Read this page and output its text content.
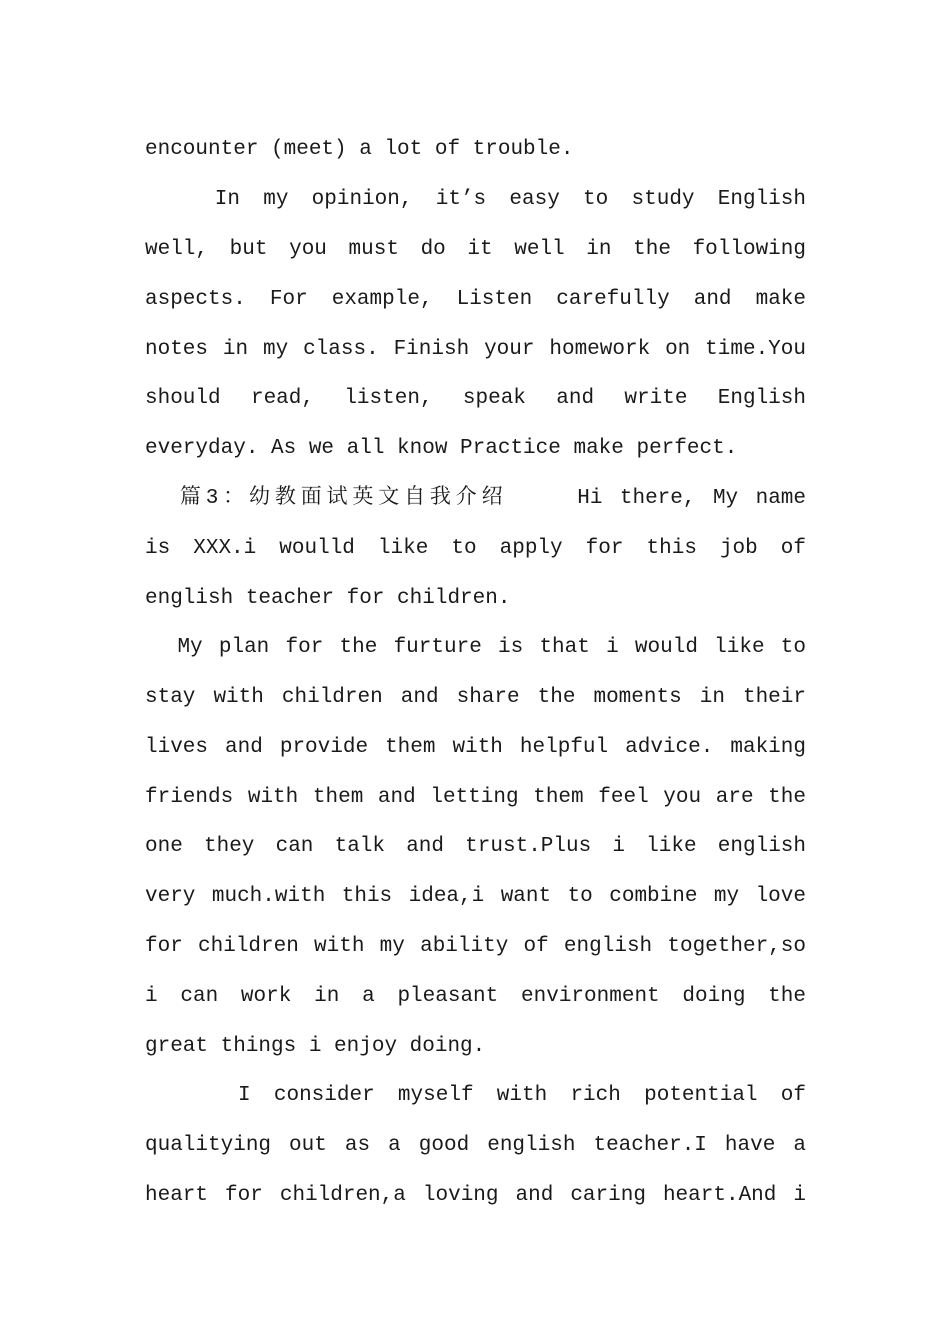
encounter (meet) a lot of trouble.
In my opinion, it’s easy to study English
well, but you must do it well in the following
aspects. For example, Listen carefully and make
notes in my class. Finish your homework on time.You
should read, listen, speak and write English
everyday. As we all know Practice make perfect.
篇3：幼教面试英文自我介绍    Hi there, My name
is XXX.i woulld like to apply for this job of
english teacher for children.
My plan for the furture is that i would like to
stay with children and share the moments in their
lives and provide them with helpful advice. making
friends with them and letting them feel you are the
one they can talk and trust.Plus i like english
very much.with this idea,i want to combine my love
for children with my ability of english together,so
i can work in a pleasant environment doing the
great things i enjoy doing.
I consider myself with rich potential of
qualitying out as a good english teacher.I have a
heart for children,a loving and caring heart.And i
